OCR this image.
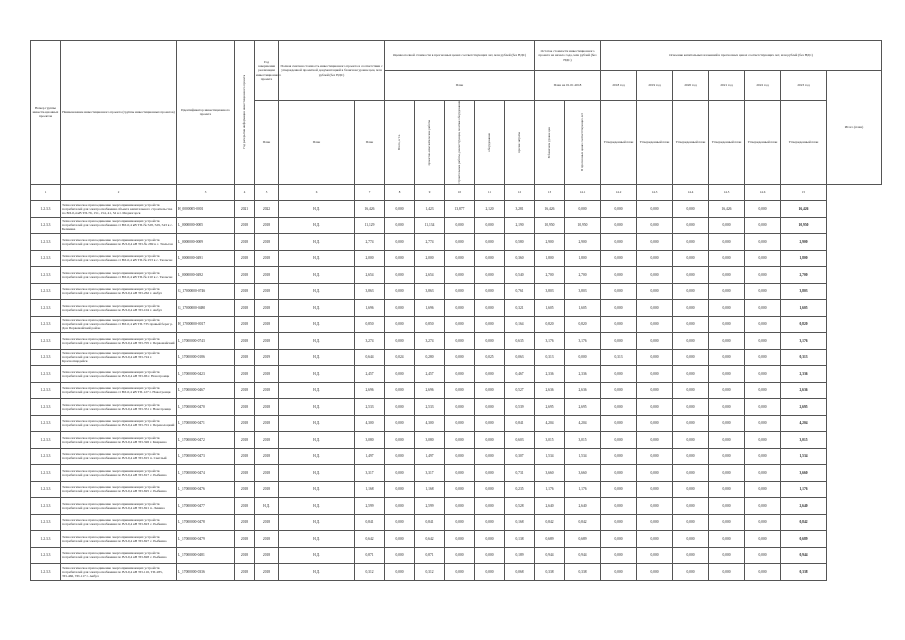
Номер группы инвести-ционных проектов	Наименование инвестиционного проекта (группы инвестиционных проектов)	Идентификатор инвестиционного проекта	Год раскрытия информации инвестиционного проекта	Год завершения реализации инвестиционного проекта	Полная сметная стоимость инвестиционного проекта в соответствии с утвержденной проектной документацией в базисном уровне цен, млн рублей (без НДС)		Оценка полной стоимости в прогнозных ценах соответствующих лет, млн рублей (без НДС)					Остаток стоимости инвестиционного проекта на начало года, млн рублей (без НДС)		Освоение капитальных вложений в прогнозных ценах соответствующих лет, млн рублей (без НДС)						
							План					План на 01.01.2018		2018 год	2019 год	2020 год	2021 год	2022 год	2023 год	Итого (план)
				План	План	План	Всего, в т.ч.	проектно-изыскательские работы	строительные работы, реконструкция, монтаж оборудования	оборудование	прочие затраты	В базисном уровне цен	В прогнозных ценах соответствующих лет	Утвержденный план	Утвержденный план	Утвержденный план	Утвержденный план	Утвержденный план	Утвержденный план	
1	2	3	4	5	6	7	8	9	10	11	12	13	14.1	14.2	14.3	14.4	14.5	14.6	15	
1.2.3.3	Технологическое присоединение энергопринимающих устройств потребителей для электроснабжения объекта капитального строительства по ВЛ-0,4 кВ ТП-76, 151, 154, 41, 52 в г. Медногорск	H_0000005-0001	2021	2022	Н.Д.	16,426	0,000	1,423	13,877	2,120	3,281	16,426	0,000	0,000	0,000	0,000	16,426	0,000	16,426	
1.2.3.3	Технологическое присоединение энергопринимающих устройств потребителей для электроснабжения от ВЛ-0,4 кВ ТП-№ 528, 529, 543 в с. Беляевка	L_0000000-0005	2018	2018	Н.Д.	11,129	0,000	11,134	0,000	0,000	2,190	10,950	10,950	0,000	0,000	0,000	0,000	0,000	10,950	
1.2.3.3	Технологическое присоединение энергопринимающих устройств потребителей для электроснабжения по ВЛ-0,4 кВ ТП-№ 269 в с. Тюльган	L_0000000-0009	2018	2018	Н.Д.	2,774	0,000	2,774	0,000	0,000	0,580	2,900	2,900	0,000	0,000	0,000	0,000	0,000	2,900	
1.2.3.3	Технологическое присоединение энергопринимающих устройств потребителей для электроснабжения от ВЛ-0,4 кВ ТП-№ 253 в с. Тюльган	L_0000000-0491	2018	2018	Н.Д.	2,000	0,000	2,000	0,000	0,000	0,360	1,800	1,800	0,000	0,000	0,000	0,000	0,000	1,800	
1.2.3.3	Технологическое присоединение энергопринимающих устройств потребителей для электроснабжения от ВЛ-0,4 кВ ТП-№ 210 в с. Тюльган	L_0000000-0492	2018	2018	Н.Д.	2,654	0,000	2,654	0,000	0,000	0,540	2,700	2,700	0,000	0,000	0,000	0,000	0,000	2,700	
1.2.3.3	Технологическое присоединение энергопринимающих устройств потребителей для электроснабжения по ВЛ-0,4 кВ ТП-262 г. Акбул	G_17000000-0746	2018	2018	Н.Д.	3,863	0,000	3,863	0,000	0,000	0,761	3,803	3,803	0,000	0,000	0,000	0,000	0,000	3,803	
1.2.3.3	Технологическое присоединение энергопринимающих устройств потребителей для электроснабжения по ВЛ-0,4 кВ ТП-104 г. Акбул	G_17000000-0480	2018	2018	Н.Д.	1,696	0,000	1,696	0,000	0,000	0,321	1,605	1,605	0,000	0,000	0,000	0,000	0,000	1,605	
1.2.3.3	Технологическое присоединение энергопринимающих устройств потребителей для электроснабжения от ВЛ-0,4 кВ ТП-735 правый берег р. Дон Первомайский район	H_17000000-0017	2018	2018	Н.Д.	0,850	0,000	0,850	0,000	0,000	0,164	0,820	0,820	0,000	0,000	0,000	0,000	0,000	0,820	
1.2.3.3	Технологическое присоединение энергопринимающих устройств потребителей для электроснабжения по ВЛ-0,4 кВ ТП-705 г. Первомайский	L_17000000-0743	2018	2018	Н.Д.	3,274	0,000	3,274	0,000	0,000	0,635	3,176	3,176	0,000	0,000	0,000	0,000	0,000	3,176	
1.2.3.3	Технологическое присоединение энергопринимающих устройств потребителей для электроснабжения по ВЛ-0,4 кВ ТП-724 г. Красногвардейск	L_17000000-0186	2018	2019	Н.Д.	0,644	0,024	0,280	0,000	0,025	0,063	0,313	0,000	0,313	0,000	0,000	0,000	0,000	0,313	
1.2.3.3	Технологическое присоединение энергопринимающих устройств потребителей для электроснабжения по ВЛ-0,4 кВ ТП-96 г. Новотроицк	L_17000000-0423	2018	2018	Н.Д.	2,457	0,000	2,457	0,000	0,000	0,467	2,336	2,336	0,000	0,000	0,000	0,000	0,000	2,336	
1.2.3.3	Технологическое присоединение энергопринимающих устройств потребителей для электроснабжения от ВЛ-0,4 кВ ТП-127 г. Новотроицк	L_17000000-0467	2018	2018	Н.Д.	2,696	0,000	2,696	0,000	0,000	0,527	2,636	2,636	0,000	0,000	0,000	0,000	0,000	2,636	
1.2.3.3	Технологическое присоединение энергопринимающих устройств потребителей для электроснабжения по ВЛ-0,4 кВ ТП-351 г. Новотроицк	L_17000000-0470	2018	2018	Н.Д.	2,533	0,000	2,533	0,000	0,000	0,539	2,695	2,695	0,000	0,000	0,000	0,000	0,000	2,695	
1.2.3.3	Технологическое присоединение энергопринимающих устройств потребителей для электроснабжения по ВЛ-0,4 кВ ТП-701 г. Переволоцкий	L_17000000-0471	2018	2018	Н.Д.	4,300	0,000	4,300	0,000	0,000	0,841	4,204	4,204	0,000	0,000	0,000	0,000	0,000	4,204	
1.2.3.3	Технологическое присоединение энергопринимающих устройств потребителей для электроснабжения по ВЛ-0,4 кВ ТП-326 г. Кваркено	L_17000000-0472	2018	2018	Н.Д.	3,080	0,000	3,080	0,000	0,000	0,603	3,015	3,015	0,000	0,000	0,000	0,000	0,000	3,015	
1.2.3.3	Технологическое присоединение энергопринимающих устройств потребителей для электроснабжения по ВЛ-0,4 кВ ТП-815 п. Светлый	L_17000000-0473	2018	2018	Н.Д.	1,497	0,000	1,497	0,000	0,000	0,307	1,534	1,534	0,000	0,000	0,000	0,000	0,000	1,534	
1.2.3.3	Технологическое присоединение энергопринимающих устройств потребителей для электроснабжения по ВЛ-0,4 кВ ТП-817 с. Рыбкино	L_17000000-0474	2018	2018	Н.Д.	3,317	0,000	3,317	0,000	0,000	0,731	3,660	3,660	0,000	0,000	0,000	0,000	0,000	3,660	
1.2.3.3	Технологическое присоединение энергопринимающих устройств потребителей для электроснабжения по ВЛ-0,4 кВ ТП-825 с. Рыбкино	L_17000000-0476	2018	2018	Н.Д.	1,168	0,000	1,168	0,000	0,000	0,235	1,176	1,176	0,000	0,000	0,000	0,000	0,000	1,176	
1.2.3.3	Технологическое присоединение энергопринимающих устройств потребителей для электроснабжения по ВЛ-0,4 кВ ТП-821 п. Ленина	L_17000000-0477	2018	Н.Д.	Н.Д.	2,599	0,000	2,599	0,000	0,000	0,528	2,640	2,640	0,000	0,000	0,000	0,000	0,000	2,640	
1.2.3.3	Технологическое присоединение энергопринимающих устройств потребителей для электроснабжения по ВЛ-0,4 кВ ТП-823 с. Рыбкино	L_17000000-0478	2018	2018	Н.Д.	0,841	0,000	0,841	0,000	0,000	0,168	0,842	0,842	0,000	0,000	0,000	0,000	0,000	0,842	
1.2.3.3	Технологическое присоединение энергопринимающих устройств потребителей для электроснабжения по ВЛ-0,4 кВ ТП-827 с. Рыбкино	L_17000000-0479	2018	2018	Н.Д.	0,642	0,000	0,642	0,000	0,000	0,138	0,689	0,689	0,000	0,000	0,000	0,000	0,000	0,689	
1.2.3.3	Технологическое присоединение энергопринимающих устройств потребителей для электроснабжения по ВЛ-0,4 кВ ТП-828 с. Рыбкино	L_17000000-0481	2018	2018	Н.Д.	0,871	0,000	0,871	0,000	0,000	0,189	0,944	0,944	0,000	0,000	0,000	0,000	0,000	0,944	
1.2.3.3	Технологическое присоединение энергопринимающих устройств потребителей для электроснабжения по ВЛ-0,4 кВ ТП-116, ТП-285, ТП-466, ТП-117 г. Акбул	L_17000000-0336	2018	2018	Н.Д.	0,312	0,000	0,312	0,000	0,000	0,068	0,338	0,338	0,000	0,000	0,000	0,000	0,000	0,338	
